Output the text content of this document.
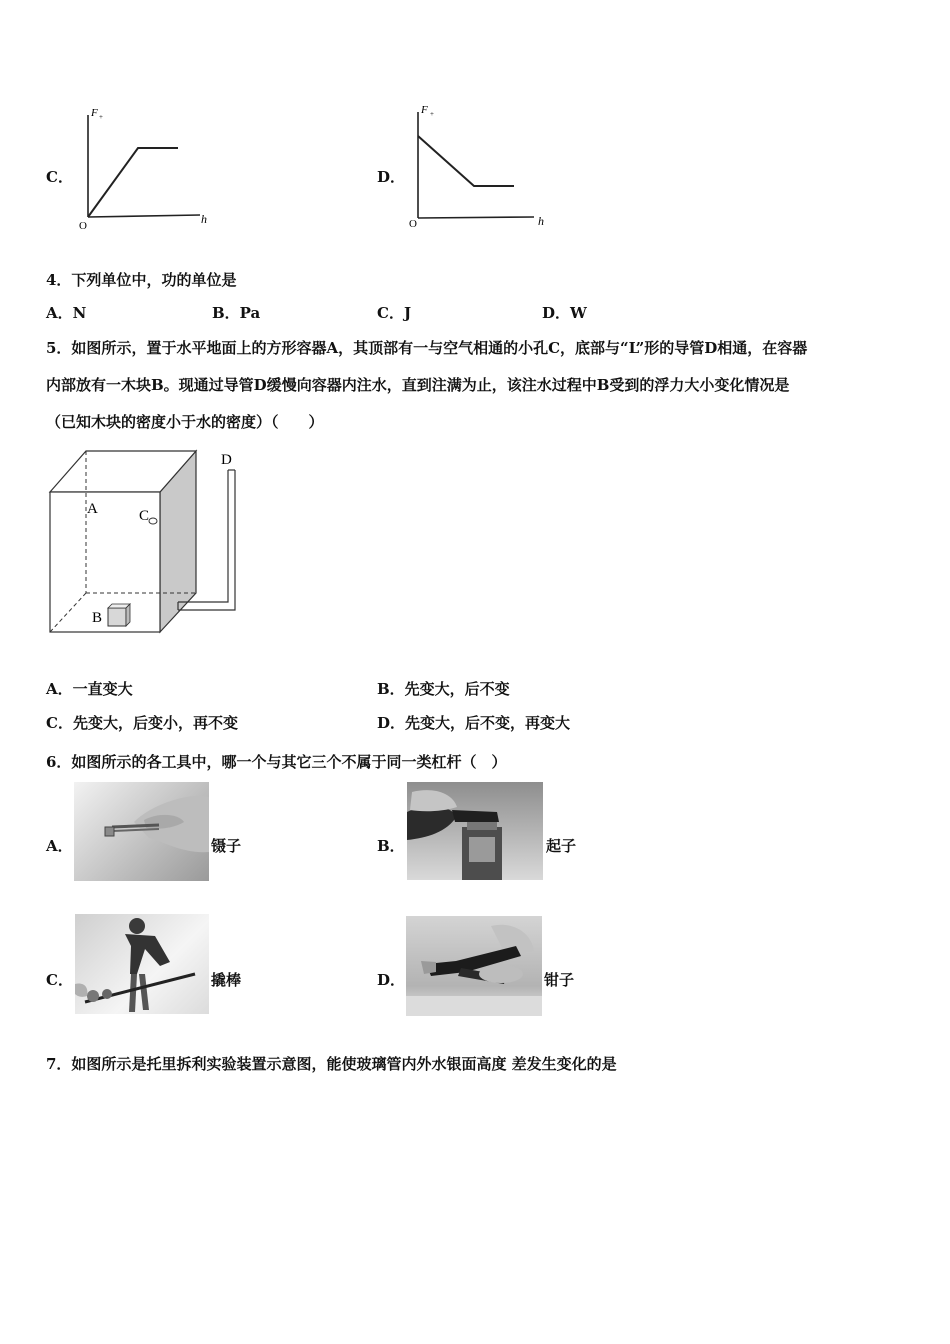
C．
F +
h
O
D．
F +
h
O
4．下列单位中，功的单位是
A．N	B．Pa	C．J	D．W
5．如图所示，置于水平地面上的方形容器A，其顶部有一与空气相通的小孔C，底部与“L”形的导管D相通，在容器
内部放有一木块B。现通过导管D缓慢向容器内注水，直到注满为止，该注水过程中B受到的浮力大小变化情况是
（已知木块的密度小于水的密度）（　　）
A
B
C
D
A．一直变大	B．先变大，后不变
C．先变大，后变小，再不变	D．先变大，后不变，再变大
6．如图所示的各工具中，哪一个与其它三个不属于同一类杠杆（　）
A．	镊子	B．	起子
C．	撬棒	D．	钳子
7．如图所示是托里拆利实验装置示意图，能使玻璃管内外水银面高度 差发生变化的是
